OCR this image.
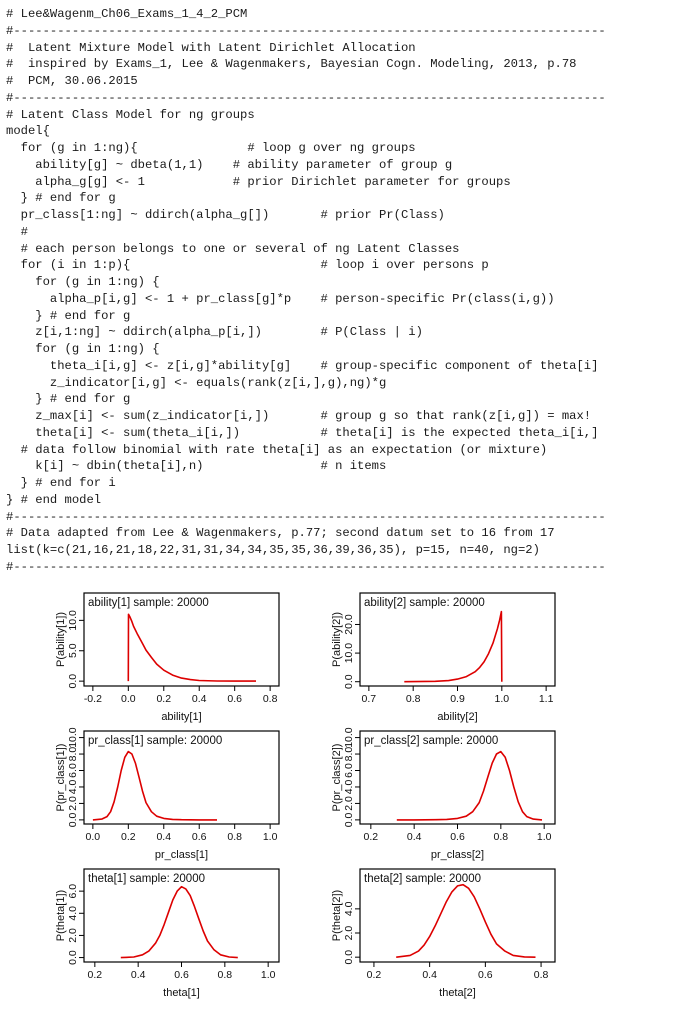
# Lee&Wagenm_Ch06_Exams_1_4_2_PCM
#---------------------------------------------------------------------------------
#  Latent Mixture Model with Latent Dirichlet Allocation
#  inspired by Exams_1, Lee & Wagenmakers, Bayesian Cogn. Modeling, 2013, p.78
#  PCM, 30.06.2015
#---------------------------------------------------------------------------------
# Latent Class Model for ng groups
model{
for (g in 1:ng){               # loop g over ng groups
ability[g] ~ dbeta(1,1)    # ability parameter of group g
alpha_g[g] <- 1            # prior Dirichlet parameter for groups
} # end for g
pr_class[1:ng] ~ ddirch(alpha_g[])       # prior Pr(Class)
#
# each person belongs to one or several of ng Latent Classes
for (i in 1:p){                          # loop i over persons p
for (g in 1:ng) {
alpha_p[i,g] <- 1 + pr_class[g]*p    # person-specific Pr(class(i,g))
} # end for g
z[i,1:ng] ~ ddirch(alpha_p[i,])        # P(Class | i)
for (g in 1:ng) {
theta_i[i,g] <- z[i,g]*ability[g]    # group-specific component of theta[i]
z_indicator[i,g] <- equals(rank(z[i,],g),ng)*g
} # end for g
z_max[i] <- sum(z_indicator[i,])       # group g so that rank(z[i,g]) = max!
theta[i] <- sum(theta_i[i,])           # theta[i] is the expected theta_i[i,]
# data follow binomial with rate theta[i] as an expectation (or mixture)
k[i] ~ dbin(theta[i],n)                # n items
} # end for i
} # end model
#---------------------------------------------------------------------------------
# Data adapted from Lee & Wagenmakers, p.77; second datum set to 16 from 17
list(k=c(21,16,21,18,22,31,31,34,34,35,35,36,39,36,35), p=15, n=40, ng=2)
#---------------------------------------------------------------------------------
ability[1] sample: 20000
-0.2 0.0 0.2 0.4 0.6 0.8
0.0
5.0
10.0
ability[1]
P(ability[1])
ability[2] sample: 20000
0.7	0.8	0.9	1.0	1.1
0.0
10.0
20.0
ability[2]
P(ability[2])
pr_class[1] sample: 20000
0.0 0.2 0.4 0.6 0.8 1.0
0.0
2.0
4.0
6.0
8.0
10.0
pr_class[1]
P(pr_class[1])
pr_class[2] sample: 20000
0.2	0.4	0.6	0.8	1.0
0.0
2.0
4.0
6.0
8.0
10.0
pr_class[2]
P(pr_class[2])
theta[1] sample: 20000
0.2	0.4	0.6	0.8	1.0
0.0
2.0
4.0
6.0
theta[1]
P(theta[1])
theta[2] sample: 20000
0.2	0.4	0.6	0.8
0.0
2.0
4.0
theta[2]
P(theta[2])
